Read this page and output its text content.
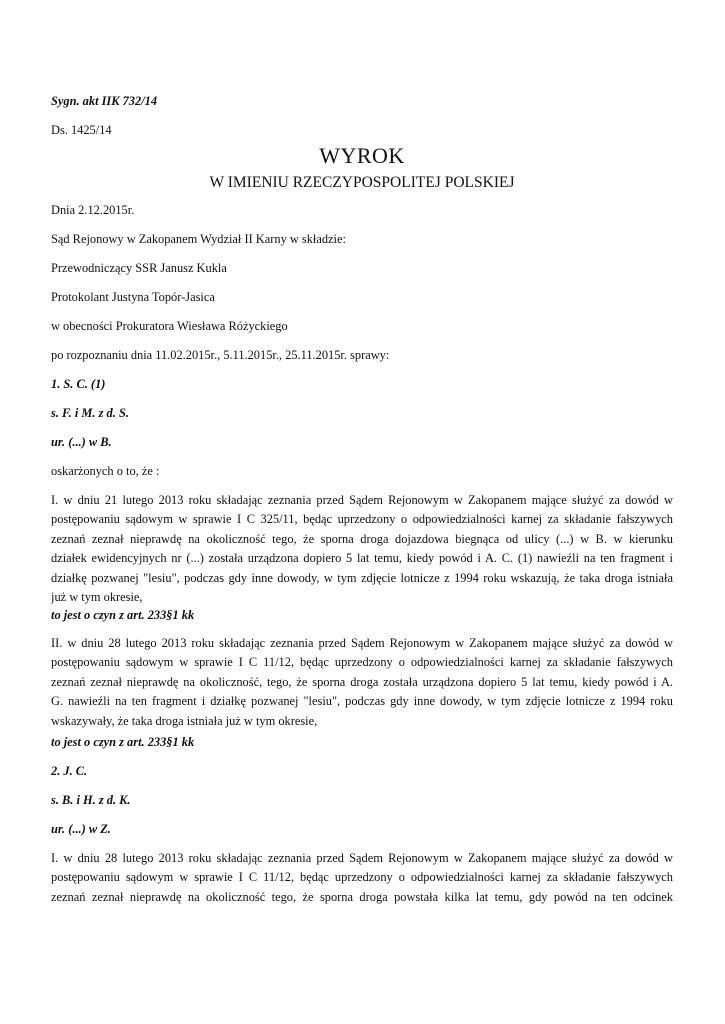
Sygn. akt IIK 732/14
Ds. 1425/14
WYROK
W IMIENIU RZECZYPOSPOLITEJ POLSKIEJ
Dnia 2.12.2015r.
Sąd Rejonowy w Zakopanem Wydział II Karny w składzie:
Przewodniczący SSR Janusz Kukla
Protokolant Justyna Topór-Jasica
w obecności Prokuratora Wiesława Różyckiego
po rozpoznaniu dnia 11.02.2015r., 5.11.2015r., 25.11.2015r. sprawy:
1. S. C. (1)
s. F. i M. z d. S.
ur. (...) w B.
oskarżonych o to, że :
I. w dniu 21 lutego 2013 roku składając zeznania przed Sądem Rejonowym w Zakopanem mające służyć za dowód w
postępowaniu sądowym w sprawie I C 325/11, będąc uprzedzony o odpowiedzialności karnej za składanie fałszywych
zeznań zeznał nieprawdę na okoliczność tego, że sporna droga dojazdowa biegnąca od ulicy (...) w B. w kierunku
działek ewidencyjnych nr (...) została urządzona dopiero 5 lat temu, kiedy powód i A. C. (1) nawieźli na ten fragment i
działkę pozwanej "lesiu", podczas gdy inne dowody, w tym zdjęcie lotnicze z 1994 roku wskazują, że taka droga istniała
już w tym okresie,
to jest o czyn z art. 233§1 kk
II. w dniu 28 lutego 2013 roku składając zeznania przed Sądem Rejonowym w Zakopanem mające służyć za dowód w
postępowaniu sądowym w sprawie I C 11/12, będąc uprzedzony o odpowiedzialności karnej za składanie fałszywych
zeznań zeznał nieprawdę na okoliczność, tego, że sporna droga została urządzona dopiero 5 lat temu, kiedy powód i A.
G. nawieźli na ten fragment i działkę pozwanej "lesiu", podczas gdy inne dowody, w tym zdjęcie lotnicze z 1994 roku
wskazywały, że taka droga istniała już w tym okresie,
to jest o czyn z art. 233§1 kk
2. J. C.
s. B. i H. z d. K.
ur. (...) w Z.
I. w dniu 28 lutego 2013 roku składając zeznania przed Sądem Rejonowym w Zakopanem mające służyć za dowód w
postępowaniu sądowym w sprawie I C 11/12, będąc uprzedzony o odpowiedzialności karnej za składanie fałszywych
zeznań zeznał nieprawdę na okoliczność tego, że sporna droga powstała kilka lat temu, gdy powód na ten odcinek
